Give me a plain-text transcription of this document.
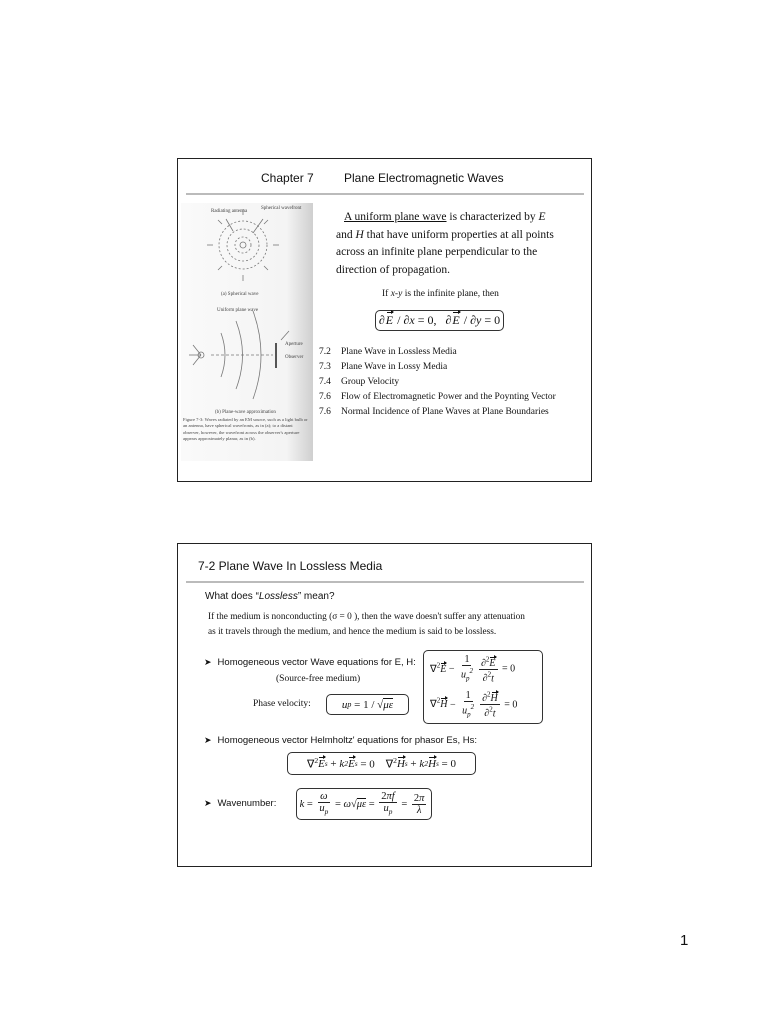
Chapter 7	Plane Electromagnetic Waves
Radiating antenna
Spherical wavefront
(a) Spherical wave
Uniform plane wave
Aperture
Observer
(b) Plane-wave approximation
Figure 7-3: Waves radiated by an EM source, such as a light bulb or an antenna, have spherical wavefronts, as in (a); to a distant observer, however, the wavefront across the observer's aperture appears approximately planar, as in (b).
A uniform plane wave is characterized by E
and H that have uniform properties at all points
across an infinite plane perpendicular to the
direction of propagation.
If x-y is the infinite plane, then
∂ E / ∂ x = 0,   ∂ E / ∂ y = 0
7.2 Plane Wave in Lossless Media
7.3 Plane Wave in Lossy Media
7.4 Group Velocity
7.6 Flow of Electromagnetic Power and the Poynting Vector
7.6 Normal Incidence of Plane Waves at Plane Boundaries
7-2 Plane Wave In Lossless Media
What does “Lossless” mean?
If the medium is nonconducting (σ = 0 ), then the wave doesn't suffer any attenuation
as it travels through the medium, and hence the medium is said to be lossless.
➤ Homogeneous vector Wave equations for E, H:
(Source-free medium)
$\nabla^2E - \frac{1}{u_p^2} \frac{\partial^2E}{\partial^2t} = 0$
$\nabla^2H - \frac{1}{u_p^2} \frac{\partial^2H}{\partial^2t} = 0$
Phase velocity:	u p = 1 / √ με
➤ Homogeneous vector Helmholtz' equations for phasor Es, Hs:
∇$^2$ E s + k 2 E s = 0    ∇$^2$ H s + k 2 H s = 0
➤ Wavenumber:	$k = \frac{\omega}{u_p} = \omega$ √ $\mu\varepsilon = \frac{2\pi f}{u_p} = \frac{2\pi}{\lambda}$
1
